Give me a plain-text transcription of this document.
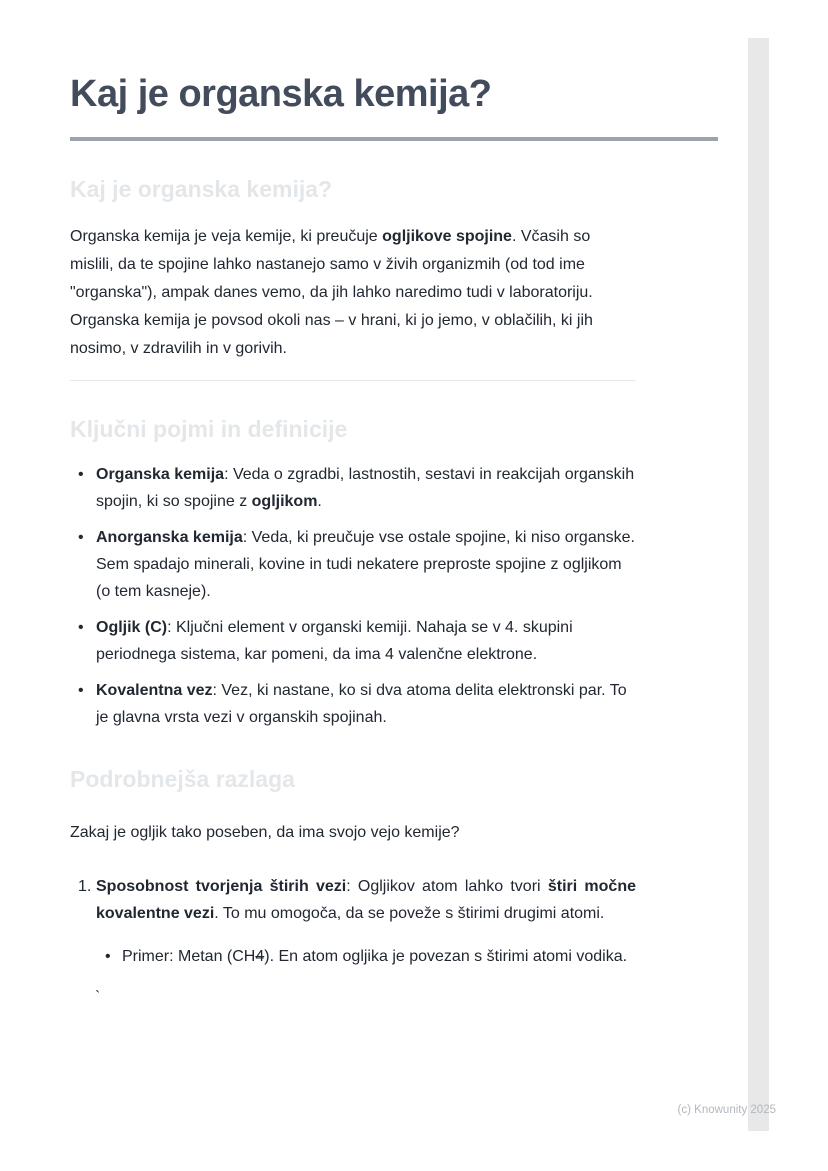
Kaj je organska kemija?
Kaj je organska kemija?

Organska kemija je veja kemije, ki preučuje ogljikove spojine. Včasih so mislili, da te spojine lahko nastanejo samo v živih organizmih (od tod ime "organska"), ampak danes vemo, da jih lahko naredimo tudi v laboratoriju. Organska kemija je povsod okoli nas – v hrani, ki jo jemo, v oblačilih, ki jih nosimo, v zdravilih in v gorivih.

Ključni pojmi in definicije
• Organska kemija: Veda o zgradbi, lastnostih, sestavi in reakcijah organskih spojin, ki so spojine z ogljikom.
• Anorganska kemija: Veda, ki preučuje vse ostale spojine, ki niso organske. Sem spadajo minerali, kovine in tudi nekatere preproste spojine z ogljikom (o tem kasneje).
• Ogljik (C): Ključni element v organski kemiji. Nahaja se v 4. skupini periodnega sistema, kar pomeni, da ima 4 valenčne elektrone.
• Kovalentna vez: Vez, ki nastane, ko si dva atoma delita elektronski par. To je glavna vrsta vezi v organskih spojinah.
Podrobnejša razlaga

Zakaj je ogljik tako poseben, da ima svojo vejo kemije?

1. Sposobnost tvorjenja štirih vezi: Ogljikov atom lahko tvori štiri močne kovalentne vezi. To mu omogoča, da se poveže s štirimi drugimi atomi.
• Primer: Metan (CH4). En atom ogljika je povezan s štirimi atomi vodika.
`
(c) Knowunity 2025
